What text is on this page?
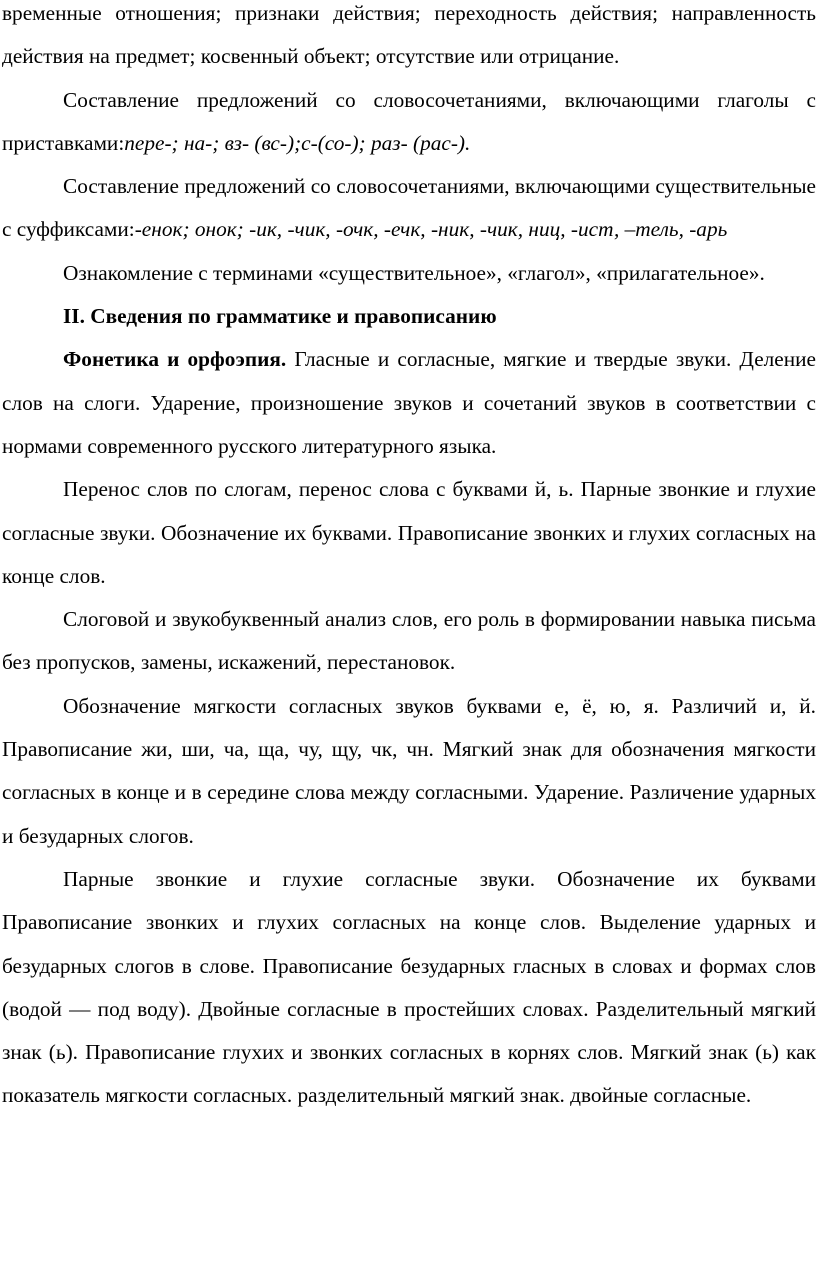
временные отношения; признаки действия; переходность действия; направленность действия на предмет; косвенный объект; отсутствие или отрицание.

Составление предложений со словосочетаниями, включающими глаголы с приставками:пере-; на-; вз- (вс-);с-(со-); раз- (рас-).

Составление предложений со словосочетаниями, включающими существительные с суффиксами:-енок; онок; -ик, -чик, -очк, -ечк, -ник, -чик, ниц, -ист, –тель, -арь

Ознакомление с терминами «существительное», «глагол», «прилагательное».

II. Сведения по грамматике и правописанию

Фонетика и орфоэпия. Гласные и согласные, мягкие и твердые звуки. Деление слов на слоги. Ударение, произношение звуков и сочетаний звуков в соответствии с нормами современного русского литературного языка.

Перенос слов по слогам, перенос слова с буквами й, ь. Парные звонкие и глухие согласные звуки. Обозначение их буквами. Правописание звонких и глухих согласных на конце слов.

Слоговой и звукобуквенный анализ слов, его роль в формировании навыка письма без пропусков, замены, искажений, перестановок.

Обозначение мягкости согласных звуков буквами е, ё, ю, я. Различий и, й. Правописание жи, ши, ча, ща, чу, щу, чк, чн. Мягкий знак для обозначения мягкости согласных в конце и в середине слова между согласными. Ударение. Различение ударных и безударных слогов.

Парные звонкие и глухие согласные звуки. Обозначение их буквами Правописание звонких и глухих согласных на конце слов. Выделение ударных и безударных слогов в слове. Правописание безударных гласных в словах и формах слов (водой — под воду). Двойные согласные в простейших словах. Разделительный мягкий знак (ь). Правописание глухих и звонких согласных в корнях слов. Мягкий знак (ь) как показатель мягкости согласных. разделительный мягкий знак. двойные согласные.
